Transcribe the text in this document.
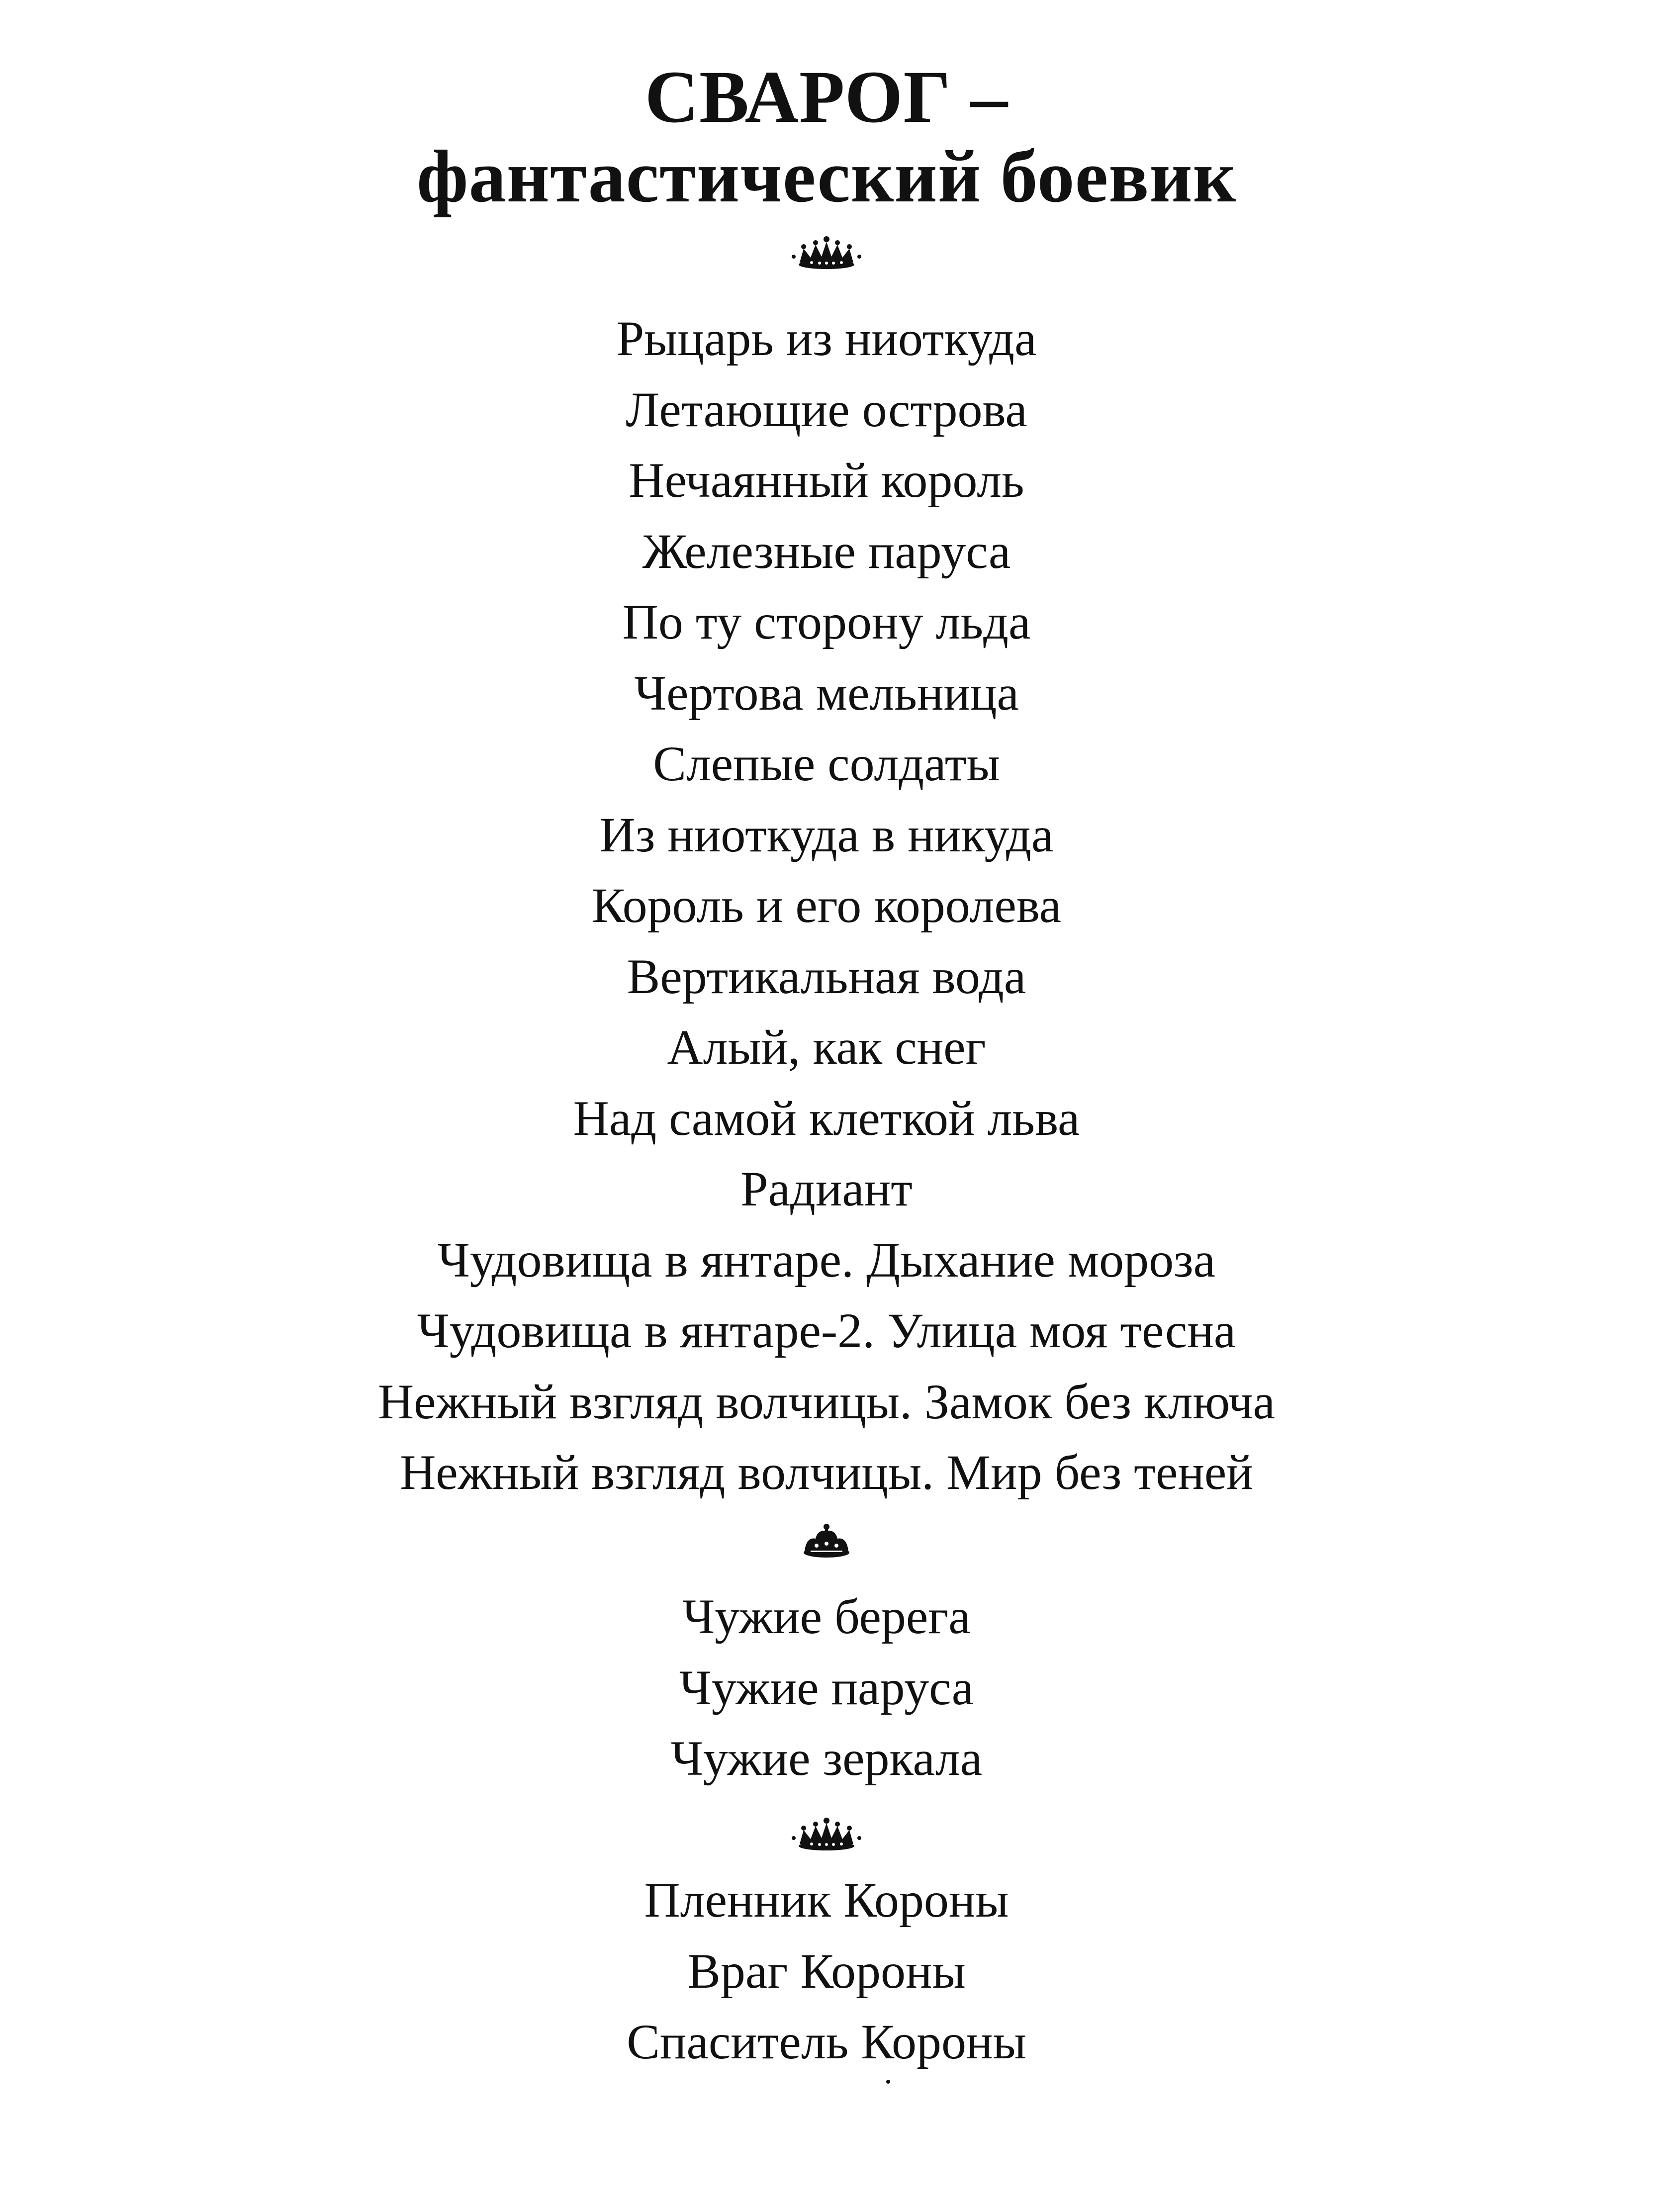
СВАРОГ –
фантастический боевик
Рыцарь из ниоткуда
Летающие острова
Нечаянный король
Железные паруса
По ту сторону льда
Чертова мельница
Слепые солдаты
Из ниоткуда в никуда
Король и его королева
Вертикальная вода
Алый, как снег
Над самой клеткой льва
Радиант
Чудовища в янтаре. Дыхание мороза
Чудовища в янтаре-2. Улица моя тесна
Нежный взгляд волчицы. Замок без ключа
Нежный взгляд волчицы. Мир без теней
Чужие берега
Чужие паруса
Чужие зеркала
Пленник Короны
Враг Короны
Спаситель Короны
